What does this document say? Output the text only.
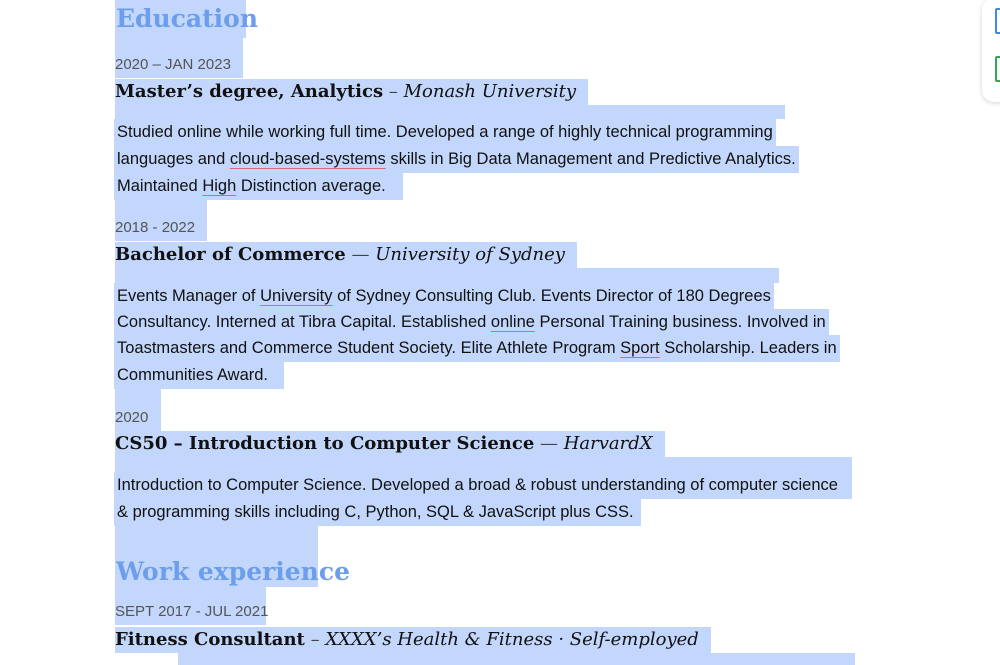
Education
2020 – JAN 2023
Master’s degree, Analytics – Monash University
Studied online while working full time. Developed a range of highly technical programming
languages and cloud-based-systems skills in Big Data Management and Predictive Analytics.
Maintained High Distinction average.
2018 - 2022
Bachelor of Commerce — University of Sydney
Events Manager of University of Sydney Consulting Club. Events Director of 180 Degrees
Consultancy. Interned at Tibra Capital. Established online Personal Training business. Involved in
Toastmasters and Commerce Student Society. Elite Athlete Program Sport Scholarship. Leaders in
Communities Award.
2020
CS50 – Introduction to Computer Science — HarvardX
Introduction to Computer Science. Developed a broad & robust understanding of computer science
& programming skills including C, Python, SQL & JavaScript plus CSS.
Work experience
SEPT 2017 - JUL 2021
Fitness Consultant – XXXX’s Health & Fitness · Self-employed
